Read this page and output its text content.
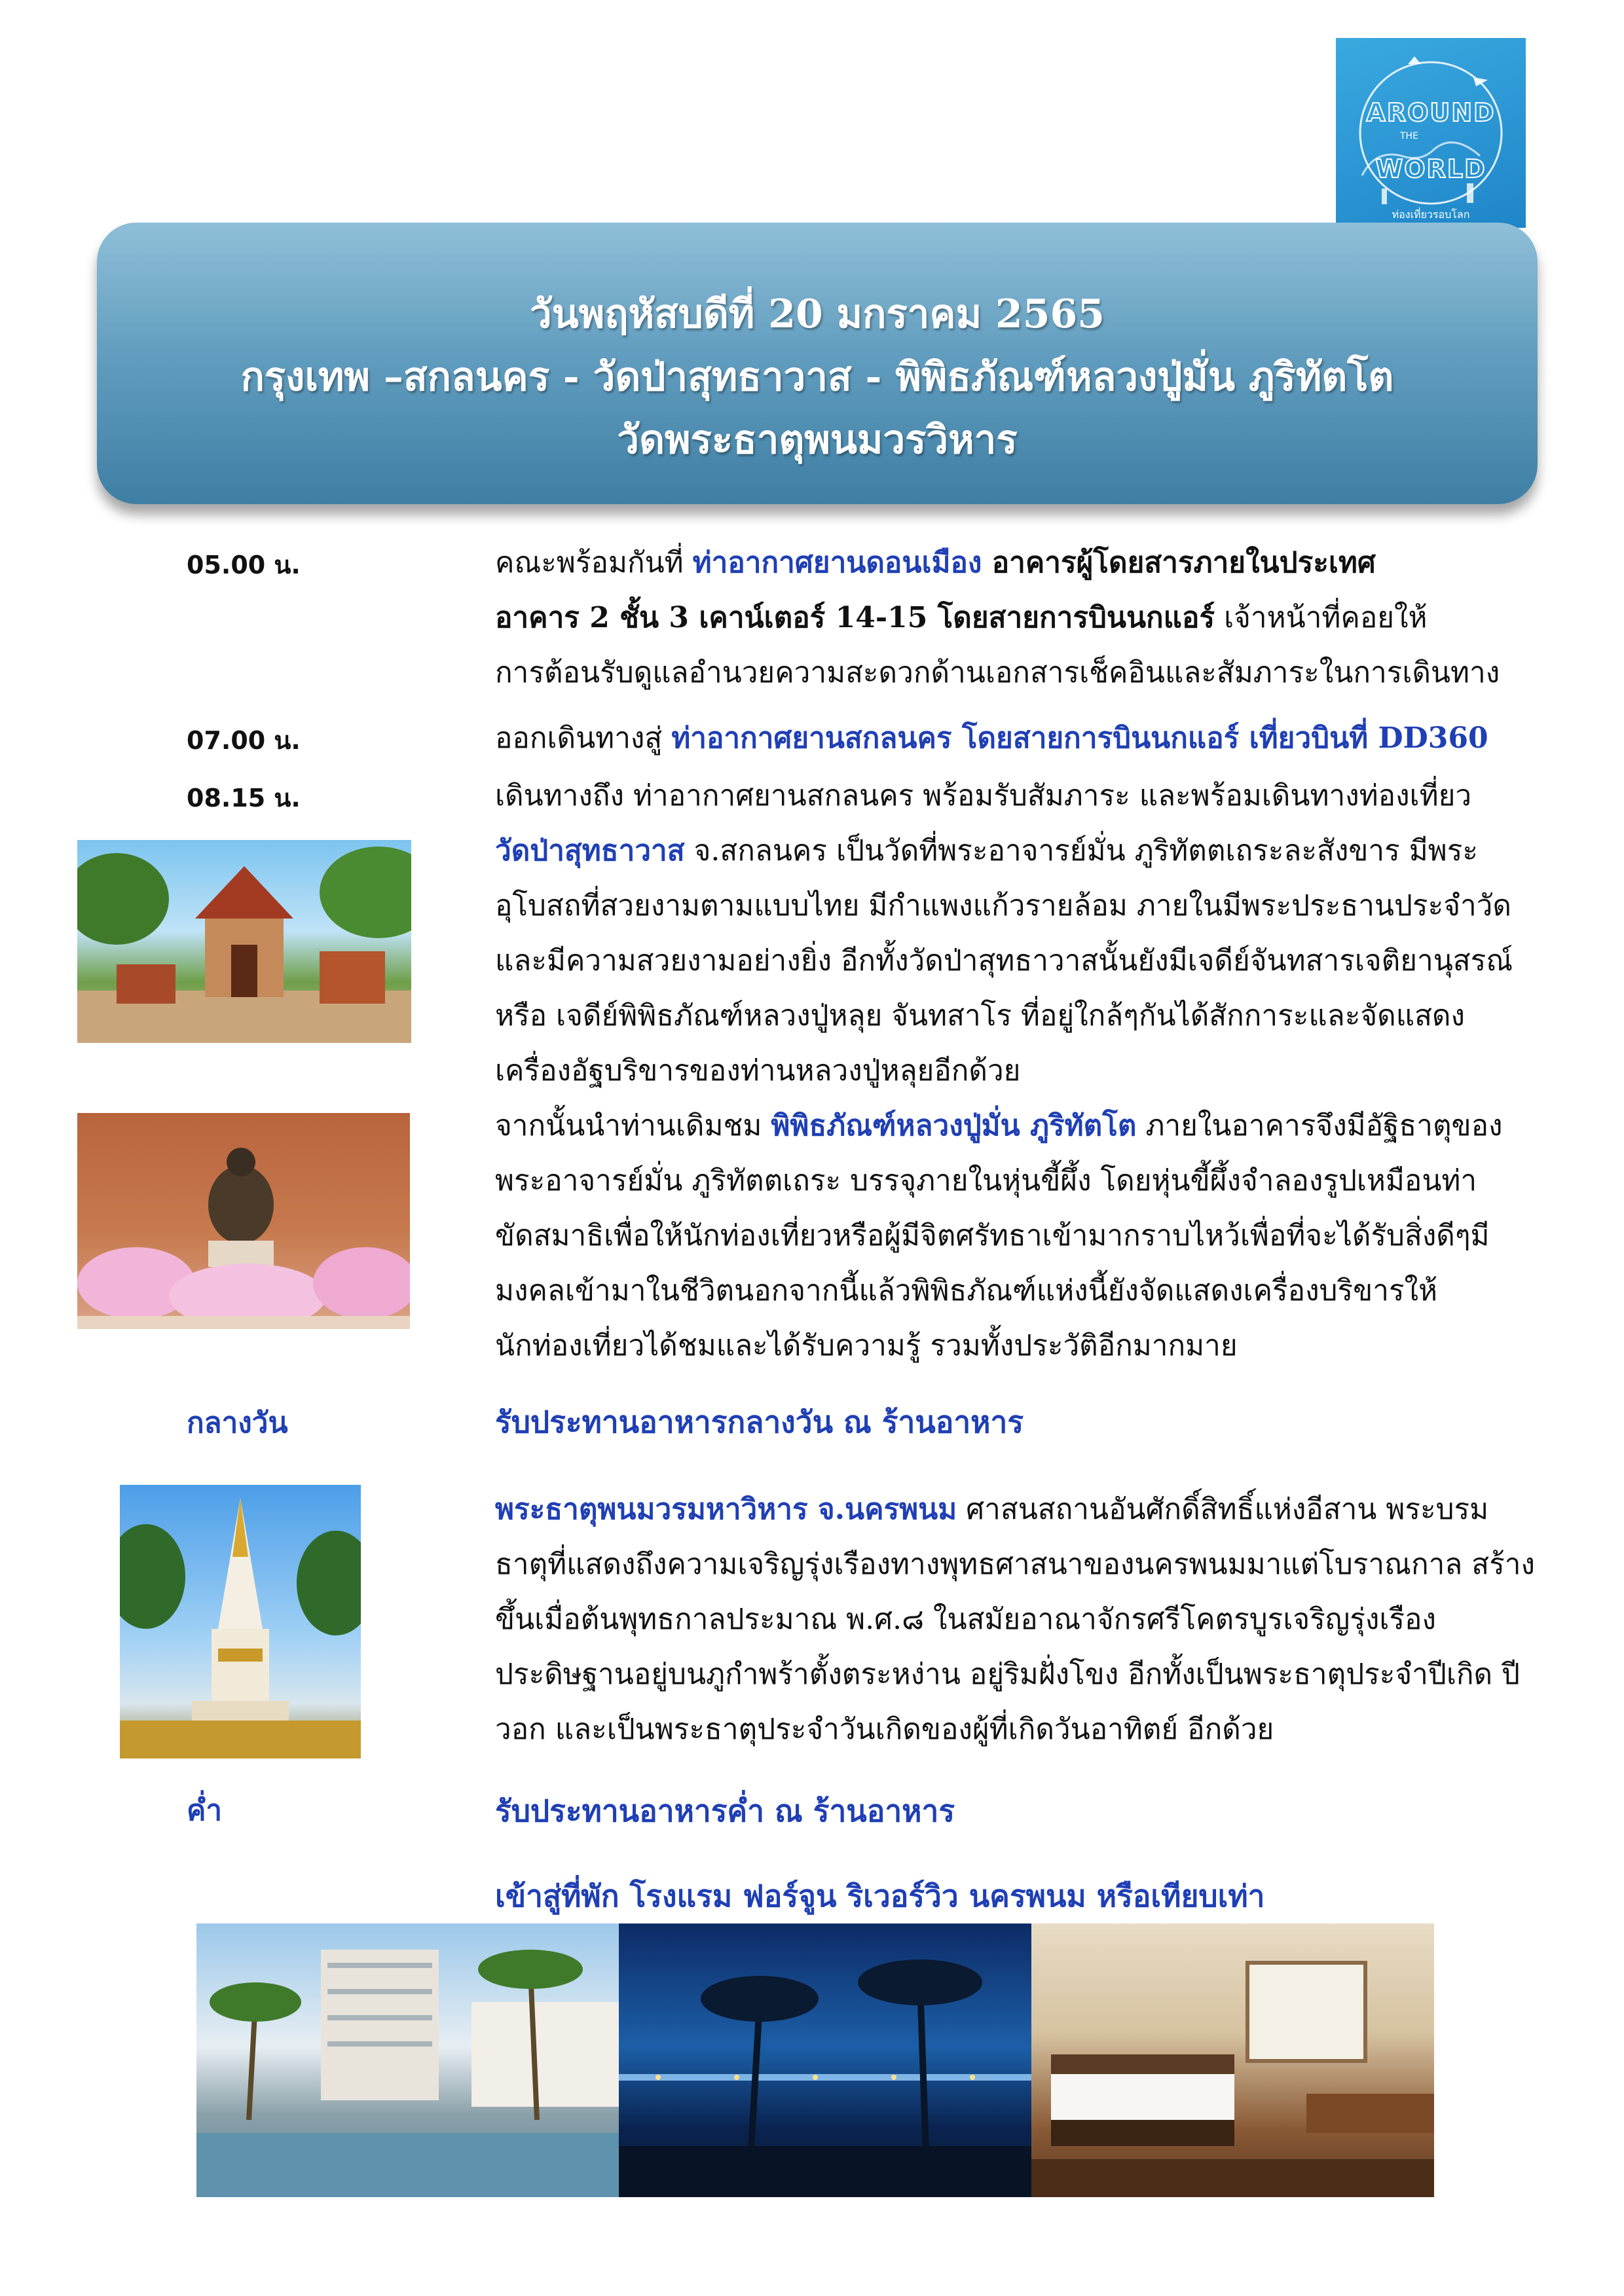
AROUND
THE
WORLD
ท่องเที่ยวรอบโลก
วันพฤหัสบดีที่ 20 มกราคม 2565
กรุงเทพ –สกลนคร - วัดป่าสุทธาวาส - พิพิธภัณฑ์หลวงปู่มั่น ภูริทัตโต
วัดพระธาตุพนมวรวิหาร
05.00 น.	คณะพร้อมกันที่ ท่าอากาศยานดอนเมือง อาคารผู้โดยสารภายในประเทศ
อาคาร 2 ชั้น 3 เคาน์เตอร์ 14-15 โดยสายการบินนกแอร์ เจ้าหน้าที่คอยให้
การต้อนรับดูแลอำนวยความสะดวกด้านเอกสารเช็คอินและสัมภาระในการเดินทาง
07.00 น.	ออกเดินทางสู่ ท่าอากาศยานสกลนคร โดยสายการบินนกแอร์ เที่ยวบินที่ DD360
08.15 น.	เดินทางถึง ท่าอากาศยานสกลนคร พร้อมรับสัมภาระ และพร้อมเดินทางท่องเที่ยว
วัดป่าสุทธาวาส จ.สกลนคร เป็นวัดที่พระอาจารย์มั่น ภูริทัตตเถระละสังขาร มีพระ
อุโบสถที่สวยงามตามแบบไทย มีกำแพงแก้วรายล้อม ภายในมีพระประธานประจำวัด
และมีความสวยงามอย่างยิ่ง อีกทั้งวัดป่าสุทธาวาสนั้นยังมีเจดีย์จันทสารเจติยานุสรณ์
หรือ เจดีย์พิพิธภัณฑ์หลวงปู่หลุย จันทสาโร ที่อยู่ใกล้ๆกันได้สักการะและจัดแสดง
เครื่องอัฐบริขารของท่านหลวงปู่หลุยอีกด้วย
จากนั้นนำท่านเดิมชม พิพิธภัณฑ์หลวงปู่มั่น ภูริทัตโต ภายในอาคารจึงมีอัฐิธาตุของ
พระอาจารย์มั่น ภูริทัตตเถระ บรรจุภายในหุ่นขี้ผึ้ง โดยหุ่นขี้ผึ้งจำลองรูปเหมือนท่า
ขัดสมาธิเพื่อให้นักท่องเที่ยวหรือผู้มีจิตศรัทธาเข้ามากราบไหว้เพื่อที่จะได้รับสิ่งดีๆมี
มงคลเข้ามาในชีวิตนอกจากนี้แล้วพิพิธภัณฑ์แห่งนี้ยังจัดแสดงเครื่องบริขารให้
นักท่องเที่ยวได้ชมและได้รับความรู้ รวมทั้งประวัติอีกมากมาย
กลางวัน	รับประทานอาหารกลางวัน ณ ร้านอาหาร
พระธาตุพนมวรมหาวิหาร จ.นครพนม ศาสนสถานอันศักดิ์สิทธิ์แห่งอีสาน พระบรม
ธาตุที่แสดงถึงความเจริญรุ่งเรืองทางพุทธศาสนาของนครพนมมาแต่โบราณกาล สร้าง
ขึ้นเมื่อต้นพุทธกาลประมาณ พ.ศ.๘ ในสมัยอาณาจักรศรีโคตรบูรเจริญรุ่งเรือง
ประดิษฐานอยู่บนภูกำพร้าตั้งตระหง่าน อยู่ริมฝั่งโขง อีกทั้งเป็นพระธาตุประจำปีเกิด ปี
วอก และเป็นพระธาตุประจำวันเกิดของผู้ที่เกิดวันอาทิตย์ อีกด้วย
ค่ำ	รับประทานอาหารค่ำ ณ ร้านอาหาร
เข้าสู่ที่พัก โรงแรม ฟอร์จูน ริเวอร์วิว นครพนม หรือเทียบเท่า
